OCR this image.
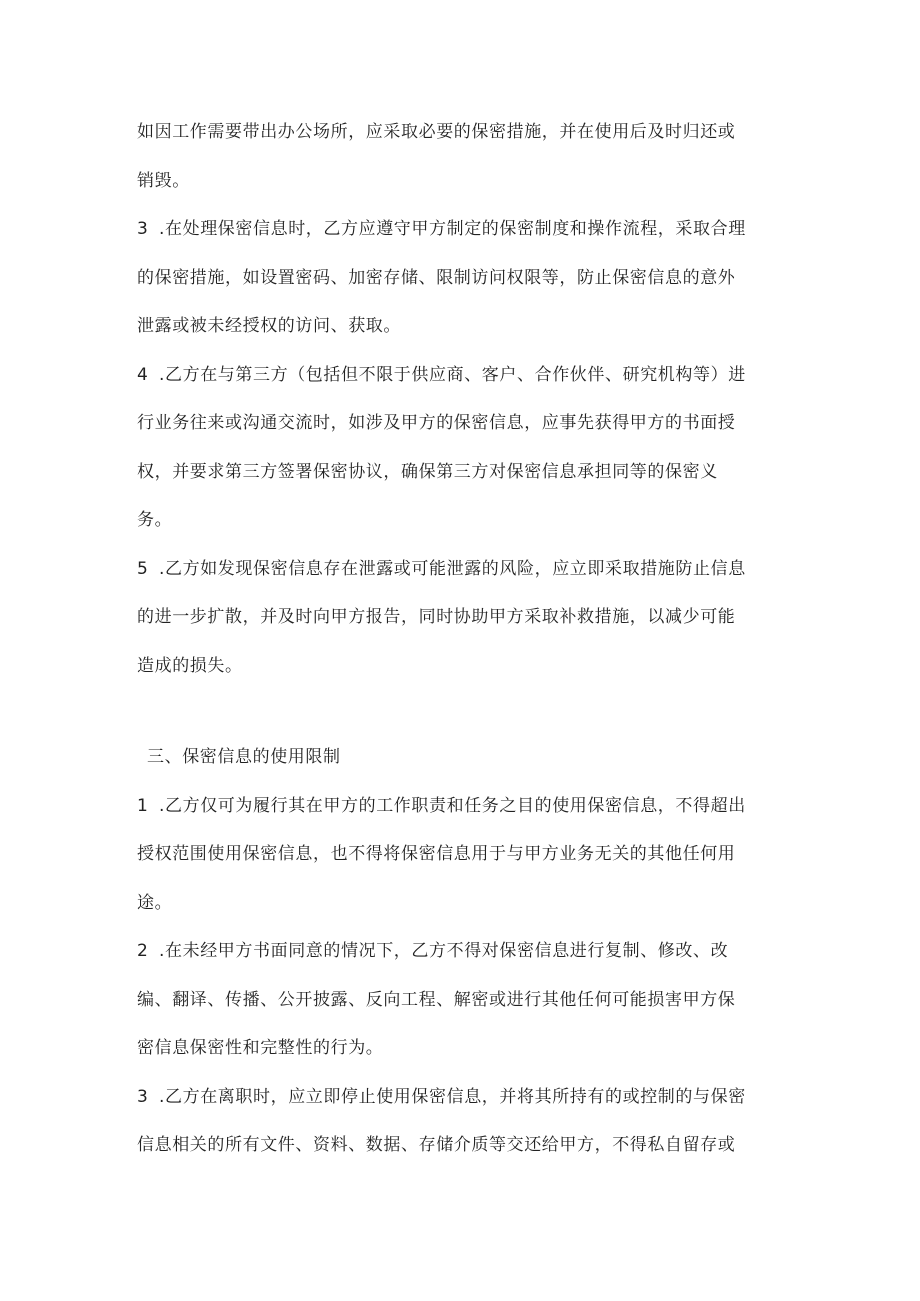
如因工作需要带出办公场所，应采取必要的保密措施，并在使用后及时归还或
销毁。

3 .在处理保密信息时，乙方应遵守甲方制定的保密制度和操作流程，采取合理
的保密措施，如设置密码、加密存储、限制访问权限等，防止保密信息的意外
泄露或被未经授权的访问、获取。

4 .乙方在与第三方（包括但不限于供应商、客户、合作伙伴、研究机构等）进
行业务往来或沟通交流时，如涉及甲方的保密信息，应事先获得甲方的书面授
权，并要求第三方签署保密协议，确保第三方对保密信息承担同等的保密义
务。

5 .乙方如发现保密信息存在泄露或可能泄露的风险，应立即采取措施防止信息
的进一步扩散，并及时向甲方报告，同时协助甲方采取补救措施，以减少可能
造成的损失。

三、保密信息的使用限制

1 .乙方仅可为履行其在甲方的工作职责和任务之目的使用保密信息，不得超出
授权范围使用保密信息，也不得将保密信息用于与甲方业务无关的其他任何用
途。

2 .在未经甲方书面同意的情况下，乙方不得对保密信息进行复制、修改、改
编、翻译、传播、公开披露、反向工程、解密或进行其他任何可能损害甲方保
密信息保密性和完整性的行为。

3 .乙方在离职时，应立即停止使用保密信息，并将其所持有的或控制的与保密
信息相关的所有文件、资料、数据、存储介质等交还给甲方，不得私自留存或
